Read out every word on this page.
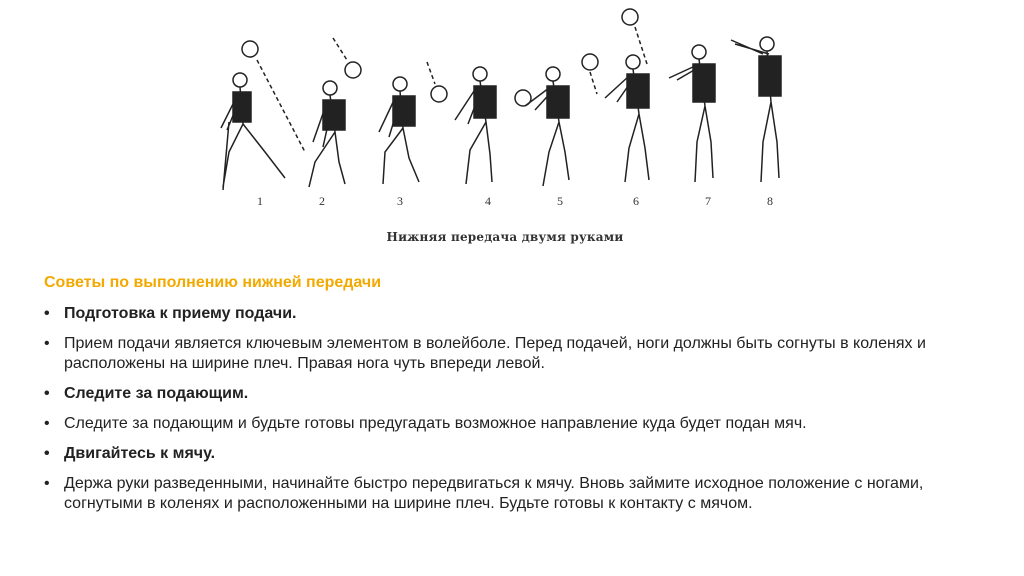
1	2	3	4	5	6	7	8
Нижняя передача двумя руками
Советы по выполнению нижней передачи
• Подготовка к приему подачи.
• Прием подачи является ключевым элементом в волейболе. Перед подачей, ноги должны быть согнуты в коленях и расположены на ширине плеч. Правая нога чуть впереди левой.
• Следите за подающим.
• Следите за подающим и будьте готовы предугадать возможное направление куда будет подан мяч.
• Двигайтесь к мячу.
• Держа руки разведенными, начинайте быстро передвигаться к мячу. Вновь займите исходное положение с ногами, согнутыми в коленях и расположенными на ширине плеч. Будьте готовы к контакту с мячом.
